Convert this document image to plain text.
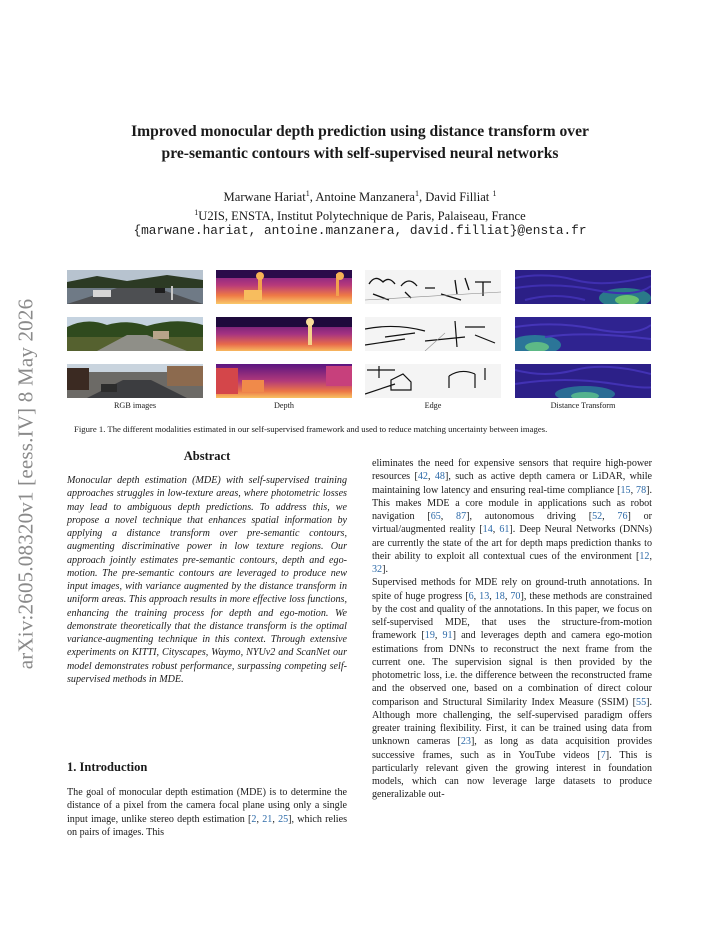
arXiv:2605.08320v1 [eess.IV] 8 May 2026
Improved monocular depth prediction using distance transform over
pre-semantic contours with self-supervised neural networks
Marwane Hariat$^1$, Antoine Manzanera$^1$, David Filliat $^1$
$^1$U2IS, ENSTA, Institut Polytechnique de Paris, Palaiseau, France
{marwane.hariat, antoine.manzanera, david.filliat}@ensta.fr
RGB images	Depth	Edge	Distance Transform
Figure 1. The different modalities estimated in our self-supervised framework and used to reduce matching uncertainty between images.
Abstract

Monocular depth estimation (MDE) with self-supervised training approaches struggles in low-texture areas, where photometric losses may lead to ambiguous depth predictions. To address this, we propose a novel technique that enhances spatial information by applying a distance transform over pre-semantic contours, augmenting discriminative power in low texture regions. Our approach jointly estimates pre-semantic contours, depth and ego-motion. The pre-semantic contours are leveraged to produce new input images, with variance augmented by the distance transform in uniform areas. This approach results in more effective loss functions, enhancing the training process for depth and ego-motion. We demonstrate theoretically that the distance transform is the optimal variance-augmenting technique in this context. Through extensive experiments on KITTI, Cityscapes, Waymo, NYUv2 and ScanNet our model demonstrates robust performance, surpassing competing self-supervised methods in MDE.

1. Introduction

The goal of monocular depth estimation (MDE) is to determine the distance of a pixel from the camera focal plane using only a single input image, unlike stereo depth estimation [2, 21, 25], which relies on pairs of images. This

eliminates the need for expensive sensors that require high-power resources [42, 48], such as active depth camera or LiDAR, while maintaining low latency and ensuring real-time compliance [15, 78]. This makes MDE a core module in applications such as robot navigation [65, 87], autonomous driving [52, 76] or virtual/augmented reality [14, 61]. Deep Neural Networks (DNNs) are currently the state of the art for depth maps prediction thanks to their ability to exploit all contextual cues of the environment [12, 32].

Supervised methods for MDE rely on ground-truth annotations. In spite of huge progress [6, 13, 18, 70], these methods are constrained by the cost and quality of the annotations. In this paper, we focus on self-supervised MDE, that uses the structure-from-motion framework [19, 91] and leverages depth and camera ego-motion estimations from DNNs to reconstruct the next frame from the current one. The supervision signal is then provided by the photometric loss, i.e. the difference between the reconstructed frame and the observed one, based on a combination of direct colour comparison and Structural Similarity Index Measure (SSIM) [55]. Although more challenging, the self-supervised paradigm offers greater training flexibility. First, it can be trained using data from unknown cameras [23], as long as data acquisition provides successive frames, such as in YouTube videos [7]. This is particularly relevant given the growing interest in foundation models, which can now leverage large datasets to produce generalizable out-
